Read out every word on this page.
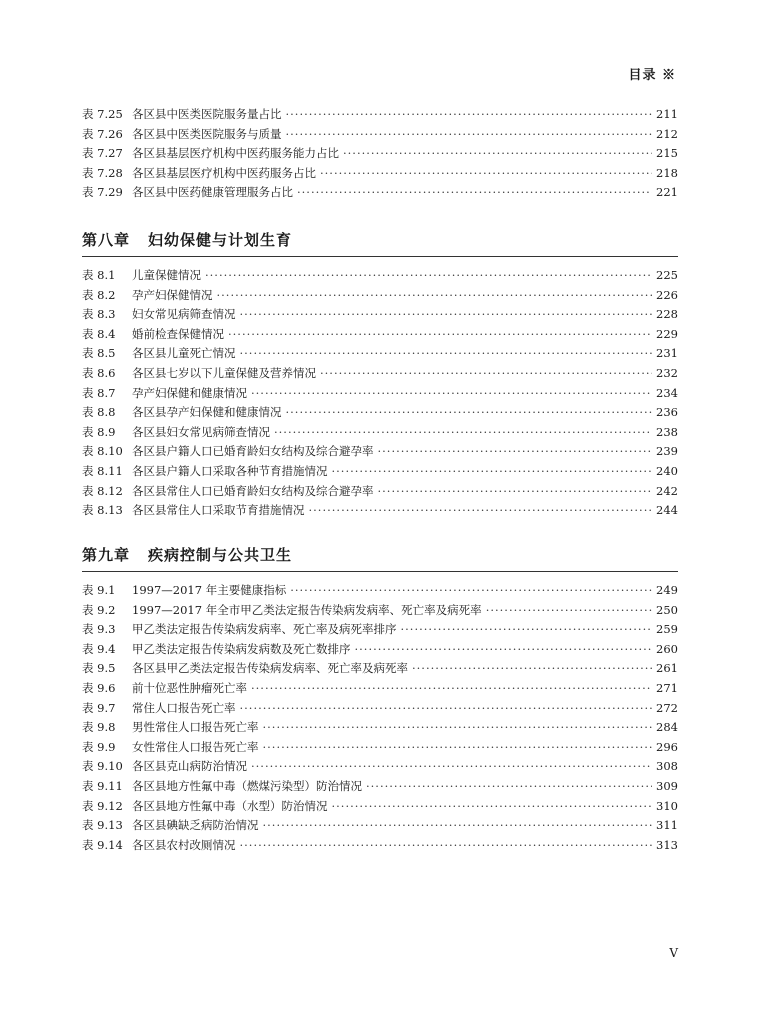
目录 ※
表 7.25 各区县中医类医院服务量占比 ·····	211
表 7.26 各区县中医类医院服务与质量 ·····	212
表 7.27 各区县基层医疗机构中医药服务能力占比 ·····	215
表 7.28 各区县基层医疗机构中医药服务占比 ·····	218
表 7.29 各区县中医药健康管理服务占比 ·····	221
第八章 妇幼保健与计划生育
表 8.1	儿童保健情况 ·····	225
表 8.2	孕产妇保健情况 ·····	226
表 8.3	妇女常见病筛查情况 ·····	228
表 8.4	婚前检查保健情况 ·····	229
表 8.5	各区县儿童死亡情况 ·····	231
表 8.6	各区县七岁以下儿童保健及营养情况 ·····	232
表 8.7	孕产妇保健和健康情况 ·····	234
表 8.8	各区县孕产妇保健和健康情况 ·····	236
表 8.9	各区县妇女常见病筛查情况 ·····	238
表 8.10 各区县户籍人口已婚育龄妇女结构及综合避孕率 ·····	239
表 8.11 各区县户籍人口采取各种节育措施情况 ·····	240
表 8.12 各区县常住人口已婚育龄妇女结构及综合避孕率 ·····	242
表 8.13 各区县常住人口采取节育措施情况 ·····	244
第九章 疾病控制与公共卫生
表 9.1	1997—2017 年主要健康指标 ·····	249
表 9.2	1997—2017 年全市甲乙类法定报告传染病发病率、死亡率及病死率 ·····	250
表 9.3	甲乙类法定报告传染病发病率、死亡率及病死率排序 ·····	259
表 9.4	甲乙类法定报告传染病发病数及死亡数排序 ·····	260
表 9.5	各区县甲乙类法定报告传染病发病率、死亡率及病死率 ·····	261
表 9.6	前十位恶性肿瘤死亡率 ·····	271
表 9.7	常住人口报告死亡率 ·····	272
表 9.8	男性常住人口报告死亡率 ·····	284
表 9.9	女性常住人口报告死亡率 ·····	296
表 9.10 各区县克山病防治情况 ·····	308
表 9.11 各区县地方性氟中毒（燃煤污染型）防治情况 ·····	309
表 9.12 各区县地方性氟中毒（水型）防治情况 ·····	310
表 9.13 各区县碘缺乏病防治情况 ·····	311
表 9.14 各区县农村改厕情况 ·····	313
V
